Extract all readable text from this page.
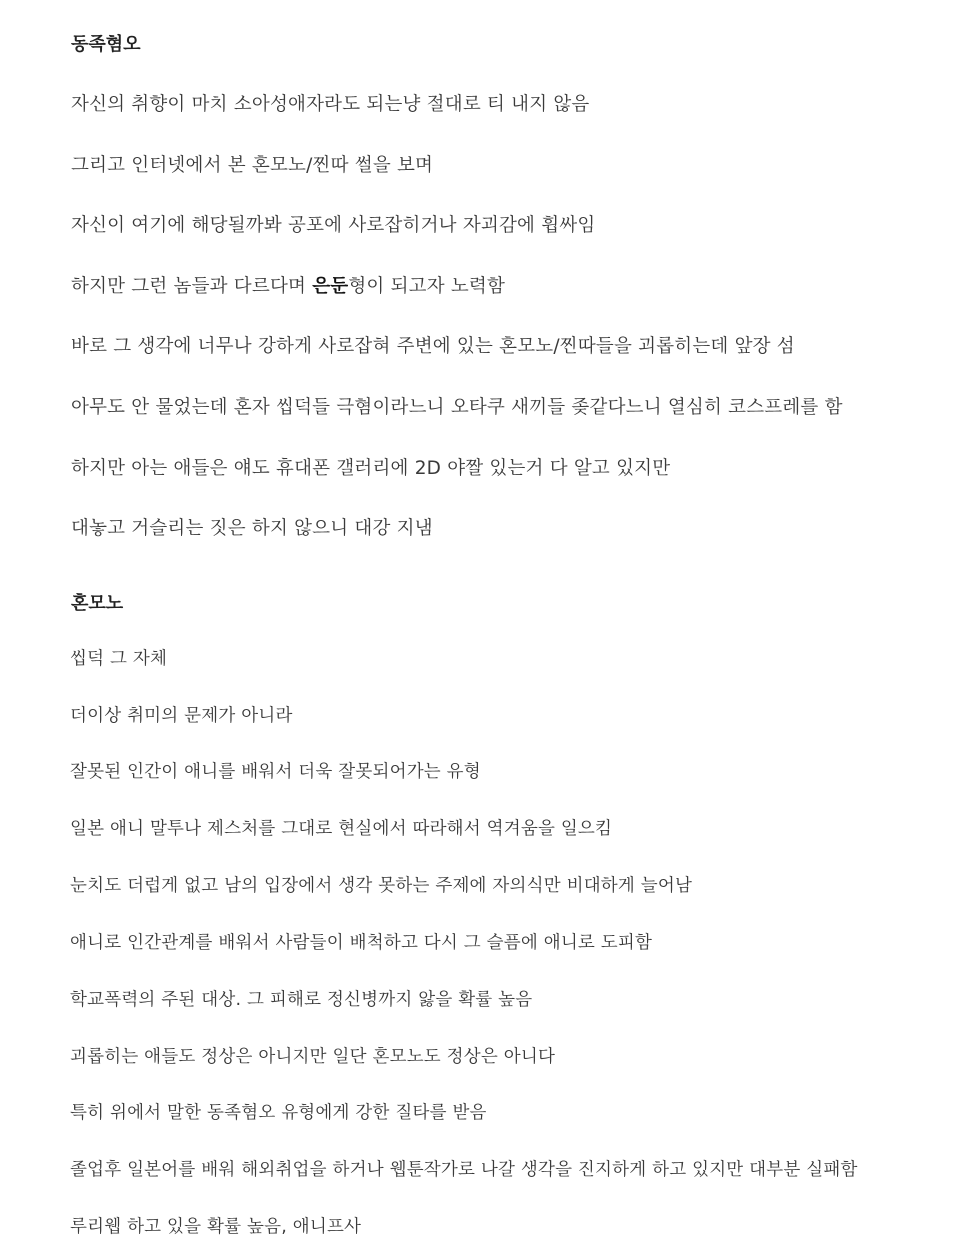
동족혐오
자신의 취향이 마치 소아성애자라도 되는냥 절대로 티 내지 않음
그리고 인터넷에서 본 혼모노/찐따 썰을 보며
자신이 여기에 해당될까봐 공포에 사로잡히거나 자괴감에 휩싸임
하지만 그런 놈들과 다르다며 은둔형이 되고자 노력함
바로 그 생각에 너무나 강하게 사로잡혀 주변에 있는 혼모노/찐따들을 괴롭히는데 앞장 섬
아무도 안 물었는데 혼자 씹덕들 극혐이라느니 오타쿠 새끼들 좆같다느니 열심히 코스프레를 함
하지만 아는 애들은 얘도 휴대폰 갤러리에 2D 야짤 있는거 다 알고 있지만
대놓고 거슬리는 짓은 하지 않으니 대강 지냄
혼모노
씹덕 그 자체
더이상 취미의 문제가 아니라
잘못된 인간이 애니를 배워서 더욱 잘못되어가는 유형
일본 애니 말투나 제스처를 그대로 현실에서 따라해서 역겨움을 일으킴
눈치도 더럽게 없고 남의 입장에서 생각 못하는 주제에 자의식만 비대하게 늘어남
애니로 인간관계를 배워서 사람들이 배척하고 다시 그 슬픔에 애니로 도피함
학교폭력의 주된 대상. 그 피해로 정신병까지 앓을 확률 높음
괴롭히는 애들도 정상은 아니지만 일단 혼모노도 정상은 아니다
특히 위에서 말한 동족혐오 유형에게 강한 질타를 받음
졸업후 일본어를 배워 해외취업을 하거나 웹툰작가로 나갈 생각을 진지하게 하고 있지만 대부분 실패함
루리웹 하고 있을 확률 높음, 애니프사
